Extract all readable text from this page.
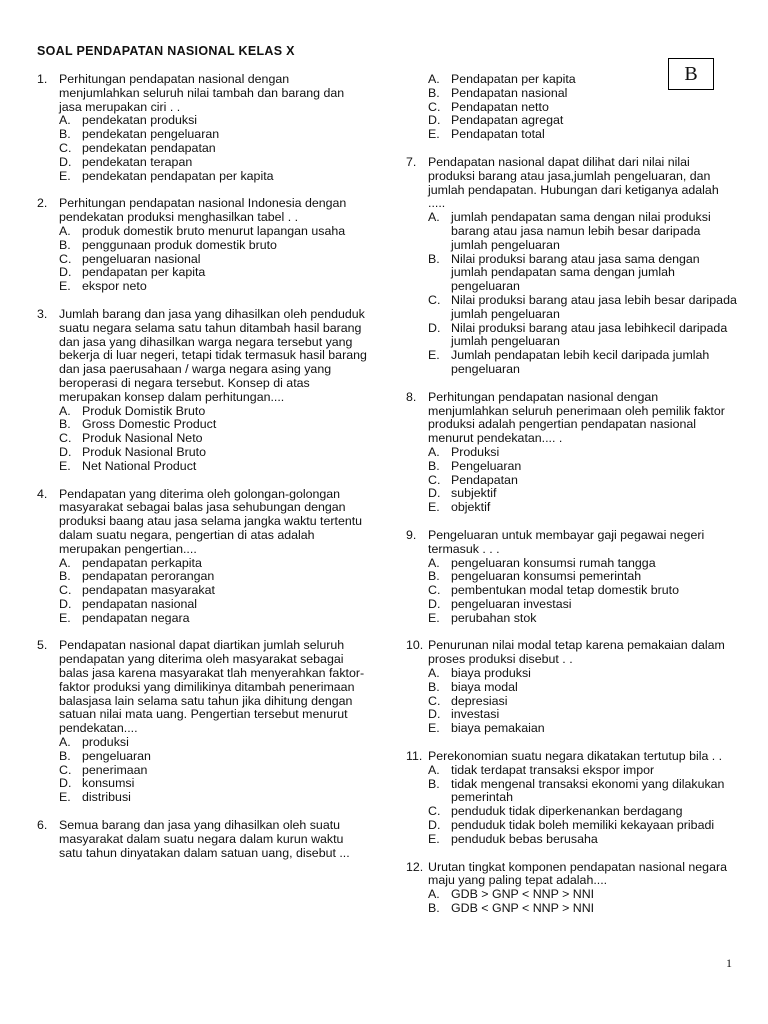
SOAL PENDAPATAN NASIONAL KELAS X
B
1. Perhitungan pendapatan nasional dengan menjumlahkan seluruh nilai tambah dan barang dan jasa merupakan ciri . .
A. pendekatan produksi
B. pendekatan pengeluaran
C. pendekatan pendapatan
D. pendekatan terapan
E. pendekatan pendapatan per kapita
2. Perhitungan pendapatan nasional Indonesia dengan pendekatan produksi menghasilkan tabel . .
A. produk domestik bruto menurut lapangan usaha
B. penggunaan produk domestik bruto
C. pengeluaran nasional
D. pendapatan per kapita
E. ekspor neto
3. Jumlah barang dan jasa yang dihasilkan oleh penduduk suatu negara selama satu tahun ditambah hasil barang dan jasa yang dihasilkan warga negara tersebut yang bekerja di luar negeri, tetapi tidak termasuk hasil barang dan jasa paerusahaan / warga negara asing yang beroperasi di negara tersebut. Konsep di atas merupakan konsep dalam perhitungan....
A. Produk Domistik Bruto
B. Gross Domestic Product
C. Produk Nasional Neto
D. Produk Nasional Bruto
E. Net National Product
4. Pendapatan yang diterima oleh golongan-golongan masyarakat sebagai balas jasa sehubungan dengan produksi baang atau jasa selama jangka waktu tertentu dalam suatu negara, pengertian di atas adalah merupakan pengertian....
A. pendapatan perkapita
B. pendapatan perorangan
C. pendapatan masyarakat
D. pendapatan nasional
E. pendapatan negara
5. Pendapatan nasional dapat diartikan jumlah seluruh pendapatan yang diterima oleh masyarakat sebagai balas jasa karena masyarakat tlah menyerahkan faktor-faktor produksi yang dimilikinya ditambah penerimaan balasjasa lain selama satu tahun jika dihitung dengan satuan nilai mata uang. Pengertian tersebut menurut pendekatan....
A. produksi
B. pengeluaran
C. penerimaan
D. konsumsi
E. distribusi
6. Semua barang dan jasa yang dihasilkan oleh suatu masyarakat dalam suatu negara dalam kurun waktu satu tahun dinyatakan dalam satuan uang, disebut ...
A. Pendapatan per kapita
B. Pendapatan nasional
C. Pendapatan netto
D. Pendapatan agregat
E. Pendapatan total
7. Pendapatan nasional dapat dilihat dari nilai nilai produksi barang atau jasa,jumlah pengeluaran, dan jumlah pendapatan. Hubungan dari ketiganya adalah .....
A. jumlah pendapatan sama dengan nilai produksi barang atau jasa namun lebih besar daripada jumlah pengeluaran
B. Nilai produksi barang atau jasa sama dengan jumlah pendapatan sama dengan jumlah pengeluaran
C. Nilai produksi barang atau jasa lebih besar daripada jumlah pengeluaran
D. Nilai produksi barang atau jasa lebihkecil daripada jumlah pengeluaran
E. Jumlah pendapatan lebih kecil daripada jumlah pengeluaran
8. Perhitungan pendapatan nasional dengan menjumlahkan seluruh penerimaan oleh pemilik faktor produksi adalah pengertian pendapatan nasional menurut pendekatan.... .
A. Produksi
B. Pengeluaran
C. Pendapatan
D. subjektif
E. objektif
9. Pengeluaran untuk membayar gaji pegawai negeri termasuk . . .
A. pengeluaran konsumsi rumah tangga
B. pengeluaran konsumsi pemerintah
C. pembentukan modal tetap domestik bruto
D. pengeluaran investasi
E. perubahan stok
10. Penurunan nilai modal tetap karena pemakaian dalam proses produksi disebut . .
A. biaya produksi
B. biaya modal
C. depresiasi
D. investasi
E. biaya pemakaian
11. Perekonomian suatu negara dikatakan tertutup bila . .
A. tidak terdapat transaksi ekspor impor
B. tidak mengenal transaksi ekonomi yang dilakukan pemerintah
C. penduduk tidak diperkenankan berdagang
D. penduduk tidak boleh memiliki kekayaan pribadi
E. penduduk bebas berusaha
12. Urutan tingkat komponen pendapatan nasional negara maju yang paling tepat adalah....
A. GDB > GNP < NNP > NNI
B. GDB < GNP < NNP > NNI
1
